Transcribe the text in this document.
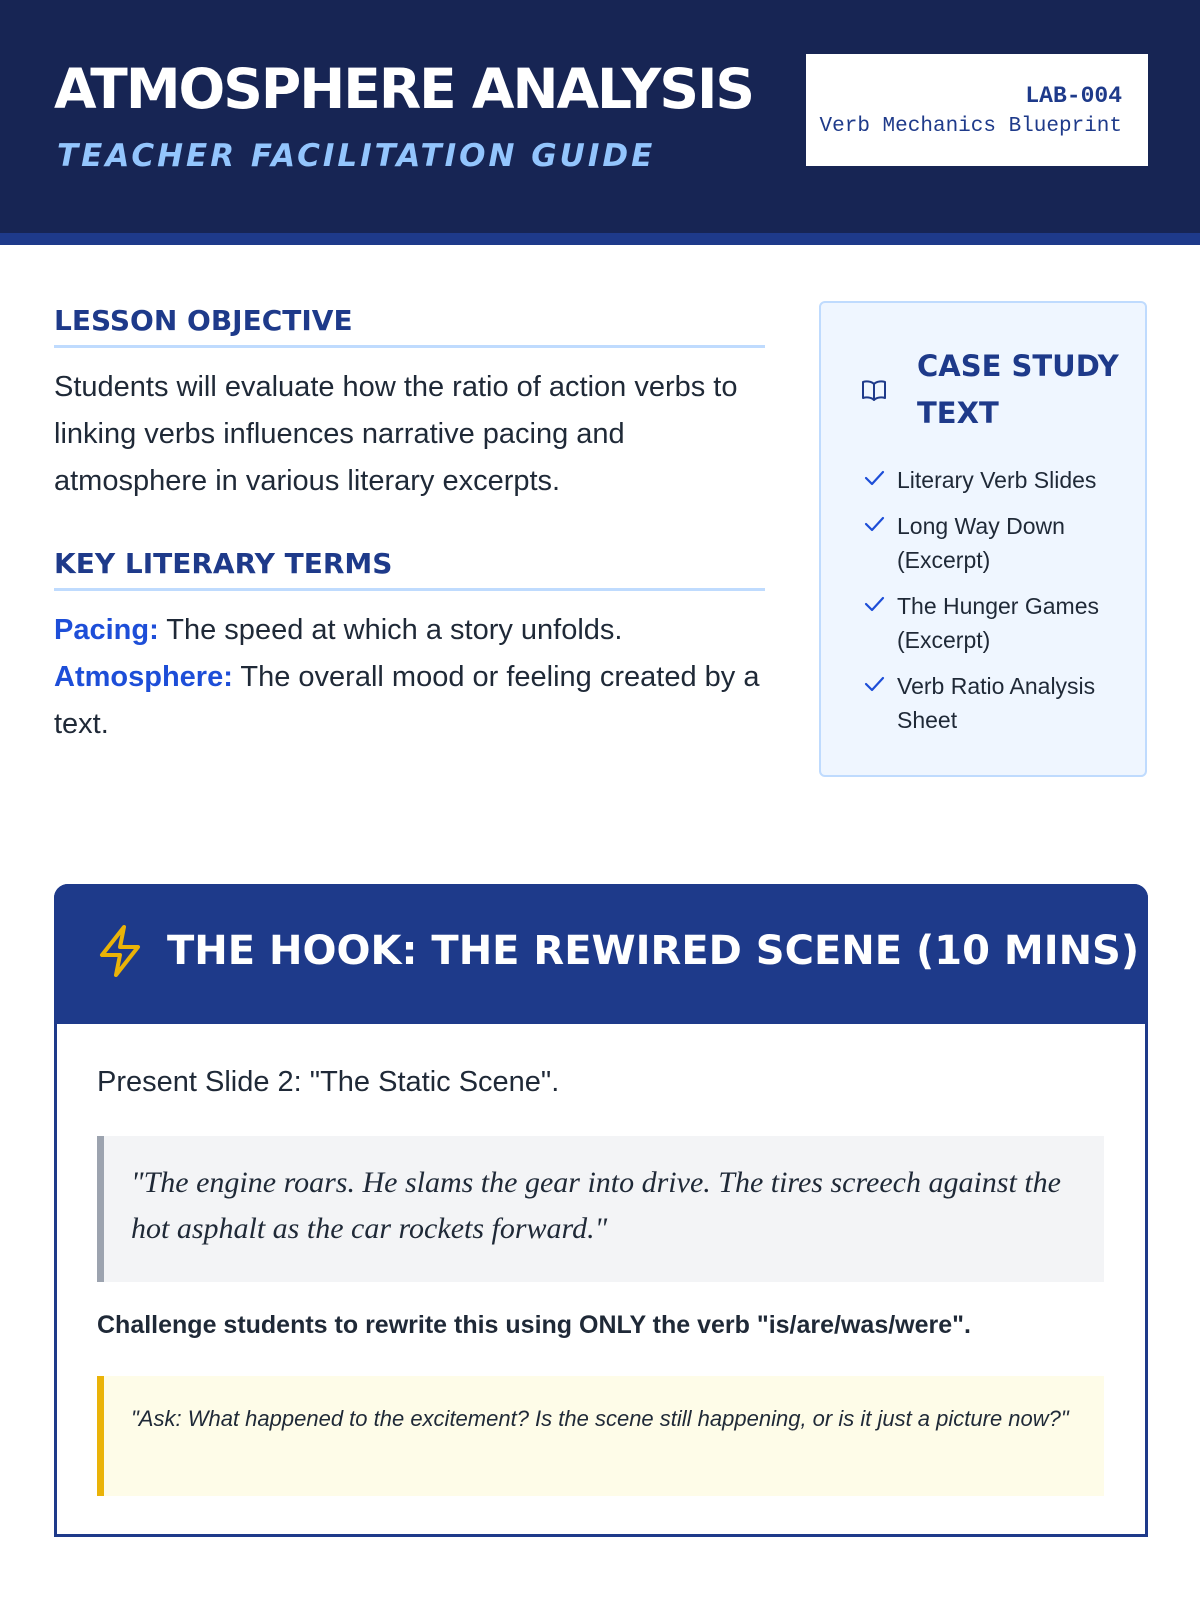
ATMOSPHERE ANALYSIS
TEACHER FACILITATION GUIDE
LAB-004
Verb Mechanics Blueprint
LESSON OBJECTIVE

Students will evaluate how the ratio of action verbs to linking verbs influences narrative pacing and atmosphere in various literary excerpts.

KEY LITERARY TERMS
Pacing: The speed at which a story unfolds.
Atmosphere: The overall mood or feeling created by a text.
CASE STUDY TEXT
Literary Verb Slides
Long Way Down (Excerpt)
The Hunger Games (Excerpt)
Verb Ratio Analysis Sheet
THE HOOK: THE REWIRED SCENE (10 MINS)

Present Slide 2: "The Static Scene".

"The engine roars. He slams the gear into drive. The tires screech against the hot asphalt as the car rockets forward."

Challenge students to rewrite this using ONLY the verb "is/are/was/were".

"Ask: What happened to the excitement? Is the scene still happening, or is it just a picture now?"
